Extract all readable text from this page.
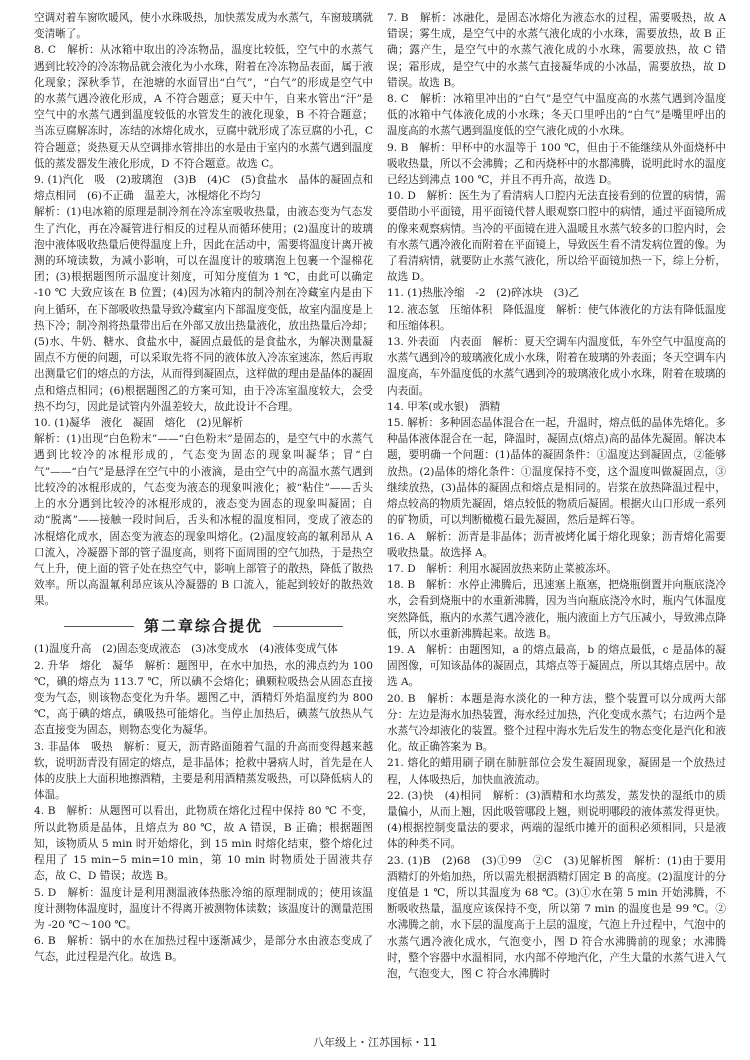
空调对着车窗吹暖风，使小水珠吸热，加快蒸发成为水蒸气，车窗玻璃就变清晰了。

8. C　解析：从冰箱中取出的冷冻物品，温度比较低，空气中的水蒸气遇到比较冷的冷冻物品就会液化为小水珠，附着在冷冻物品表面，属于液化现象；深秋季节，在池塘的水面冒出“白气”，“白气”的形成是空气中的水蒸气遇冷液化形成，A 不符合题意；夏天中午，自来水管出“汗”是空气中的水蒸气遇到温度较低的水管发生的液化现象，B 不符合题意；当冻豆腐解冻时，冻结的冰熔化成水，豆腐中就形成了冻豆腐的小孔，C 符合题意；炎热夏天从空调排水管排出的水是由于室内的水蒸气遇到温度低的蒸发器发生液化形成，D 不符合题意。故选 C。

9. (1)汽化　吸　(2)玻璃泡　(3)B　(4)C　(5)食盐水　晶体的凝固点和熔点相同　(6)不正确　温差大，冰棍熔化不均匀

解析：(1)电冰箱的原理是制冷剂在冷冻室吸收热量，由液态变为气态发生了汽化，再在冷凝管进行相反的过程从而循环使用；(2)温度计的玻璃泡中液体吸收热量后使得温度上升，因此在活动中，需要将温度计离开被测的环境读数，为减小影响，可以在温度计的玻璃泡上包裹一个湿棉花团；(3)根据题图所示温度计刻度，可知分度值为 1 ℃，由此可以确定 -10 ℃ 大致应该在 B 位置；(4)因为冰箱内的制冷剂在冷藏室内是由下向上循环，在下部吸收热量导致冷藏室内下部温度变低，故室内温度是上热下冷；制冷剂将热量带出后在外部又放出热量液化，放出热量后冷却；(5)水、牛奶、糖水、食盐水中，凝固点最低的是食盐水，为解决测量凝固点不方便的问题，可以采取先将不同的液体放入冷冻室速冻，然后再取出测量它们的熔点的方法，从而得到凝固点，这样做的理由是晶体的凝固点和熔点相同；(6)根据题图乙的方案可知，由于冷冻室温度较大，会受热不均匀，因此是试管内外温差较大，故此设计不合理。

10. (1)凝华　液化　凝固　熔化　(2)见解析

解析：(1)出现“白色粉末”——“白色粉末”是固态的，是空气中的水蒸气遇到比较冷的冰棍形成的，气态变为固态的现象叫凝华；冒“白气”——“白气”是悬浮在空气中的小液滴，是由空气中的高温水蒸气遇到比较冷的冰棍形成的，气态变为液态的现象叫液化；被“粘住”——舌头上的水分遇到比较冷的冰棍形成的，液态变为固态的现象叫凝固；自动“脱离”——接触一段时间后，舌头和冰棍的温度相同，变成了液态的冰棍熔化成水，固态变为液态的现象叫熔化。(2)温度较高的氟利昂从 A 口流入，冷凝器下部的管子温度高，则将下面周围的空气加热，于是热空气上升，使上面的管子处在热空气中，影响上部管子的散热，降低了散热效率。所以高温氟利昂应该从冷凝器的 B 口流入，能起到较好的散热效果。

第二章综合提优

(1)温度升高　(2)固态变成液态　(3)冰变成水　(4)液体变成气体

2. 升华　熔化　凝华　解析：题图甲，在水中加热，水的沸点约为 100 ℃，碘的熔点为 113.7 ℃，所以碘不会熔化；碘颗粒吸热会从固态直接变为气态，则该物态变化为升华。题图乙中，酒精灯外焰温度约为 800 ℃，高于碘的熔点，碘吸热可能熔化。当停止加热后，碘蒸气放热从气态直接变为固态，则物态变化为凝华。

3. 非晶体　吸热　解析：夏天，沥青路面随着气温的升高而变得越来越软，说明沥青没有固定的熔点，是非晶体；抢救中暑病人时，首先是在人体的皮肤上大面积地擦酒精，主要是利用酒精蒸发吸热，可以降低病人的体温。

4. B　解析：从题图可以看出，此物质在熔化过程中保持 80 ℃ 不变，所以此物质是晶体，且熔点为 80 ℃，故 A 错误，B 正确；根据题图知，该物质从 5 min 时开始熔化，到 15 min 时熔化结束，整个熔化过程用了 15 min−5 min=10 min，第 10 min 时物质处于固液共存态，故 C、D 错误；故选 B。

5. D　解析：温度计是利用测温液体热胀冷缩的原理制成的；使用该温度计测物体温度时，温度计不得离开被测物体读数；该温度计的测量范围为 -20 ℃～100 ℃。

6. B　解析：锅中的水在加热过程中逐渐减少，是部分水由液态变成了气态，此过程是汽化。故选 B。

7. B　解析：冰融化，是固态冰熔化为液态水的过程，需要吸热，故 A 错误；雾生成，是空气中的水蒸气液化成的小水珠，需要放热，故 B 正确；露产生，是空气中的水蒸气液化成的小水珠，需要放热，故 C 错误；霜形成，是空气中的水蒸气直接凝华成的小冰晶，需要放热，故 D 错误。故选 B。

8. C　解析：冰箱里冲出的“白气”是空气中温度高的水蒸气遇到冷温度低的冰箱中气体液化成的小水珠；冬天口里呼出的“白气”是嘴里呼出的温度高的水蒸气遇到温度低的空气液化成的小水珠。

9. B　解析：甲杯中的水温等于 100 ℃，但由于不能继续从外面烧杯中吸收热量，所以不会沸腾；乙和丙烧杯中的水都沸腾，说明此时水的温度已经达到沸点 100 ℃，并且不再升高，故选 D。

10. D　解析：医生为了看清病人口腔内无法直接看到的位置的病情，需要借助小平面镜，用平面镜代替人眼观察口腔中的病情，通过平面镜所成的像来观察病情。当冷的平面镜在进入温暖且水蒸气较多的口腔内时，会有水蒸气遇冷液化而附着在平面镜上，导致医生看不清发病位置的像。为了看清病情，就要防止水蒸气液化，所以给平面镜加热一下，综上分析，故选 D。

11. (1)热胀冷缩　-2　(2)碎冰块　(3)乙

12. 液态氢　压缩体积　降低温度　解析：使气体液化的方法有降低温度和压缩体积。

13. 外表面　内表面　解析：夏天空调车内温度低，车外空气中温度高的水蒸气遇到冷的玻璃液化成小水珠，附着在玻璃的外表面；冬天空调车内温度高，车外温度低的水蒸气遇到冷的玻璃液化成小水珠，附着在玻璃的内表面。

14. 甲苯(或水银)　酒精

15. 解析：多种固态晶体混合在一起，升温时，熔点低的晶体先熔化。多种晶体液体混合在一起，降温时，凝固点(熔点)高的晶体先凝固。解决本题，要明确一个问题：(1)晶体的凝固条件：①温度达到凝固点，②能够放热。(2)晶体的熔化条件：①温度保持不变，这个温度叫做凝固点，③继续放热，(3)晶体的凝固点和熔点是相同的。岩浆在放热降温过程中，熔点较高的物质先凝固，熔点较低的物质后凝固。根据火山口形成一系列的矿物质，可以判断橄榄石最先凝固，然后是辉石等。

16. A　解析：沥青是非晶体；沥青被烤化属于熔化现象；沥青熔化需要吸收热量。故选择 A。

17. D　解析：利用水凝固放热来防止菜被冻坏。

18. B　解析：水停止沸腾后，迅速塞上瓶塞，把烧瓶倒置并向瓶底浇冷水，会看到烧瓶中的水重新沸腾，因为当向瓶底浇冷水时，瓶内气体温度突然降低，瓶内的水蒸气遇冷液化，瓶内液面上方气压减小，导致沸点降低，所以水重新沸腾起来。故选 B。

19. A　解析：由题图知，a 的熔点最高，b 的熔点最低，c 是晶体的凝固图像，可知该晶体的凝固点，其熔点等于凝固点，所以其熔点居中。故选 A。

20. B　解析：本题是海水淡化的一种方法，整个装置可以分成两大部分：左边是海水加热装置，海水经过加热，汽化变成水蒸气；右边两个是水蒸气冷却液化的装置。整个过程中海水先后发生的物态变化是汽化和液化。故正确答案为 B。

21. 熔化的蜡用刷子刷在肺脏部位会发生凝固现象，凝固是一个放热过程，人体吸热后，加快血液流动。

22. (3)快　(4)相同　解析：(3)酒精和水均蒸发，蒸发快的湿纸巾的质量偏小，从而上翘，因此吸管哪段上翘，则说明哪段的液体蒸发得更快。(4)根据控制变量法的要求，两端的湿纸巾摊开的面积必须相同，只是液体的种类不同。

23. (1)B　(2)68　(3)①99　②C　(3)见解析图　解析：(1)由于要用酒精灯的外焰加热，所以需先根据酒精灯固定 B 的高度。(2)温度计的分度值是 1 ℃，所以其温度为 68 ℃。(3)①水在第 5 min 开始沸腾，不断吸收热量，温度应该保持不变，所以第 7 min 的温度也是 99 ℃。②水沸腾之前，水下层的温度高于上层的温度，气泡上升过程中，气泡中的水蒸气遇冷液化成水，气泡变小，图 D 符合水沸腾前的现象；水沸腾时，整个容器中水温相同，水内部不停地汽化，产生大量的水蒸气进入气泡，气泡变大，图 C 符合水沸腾时

八年级上・江苏国标・11
